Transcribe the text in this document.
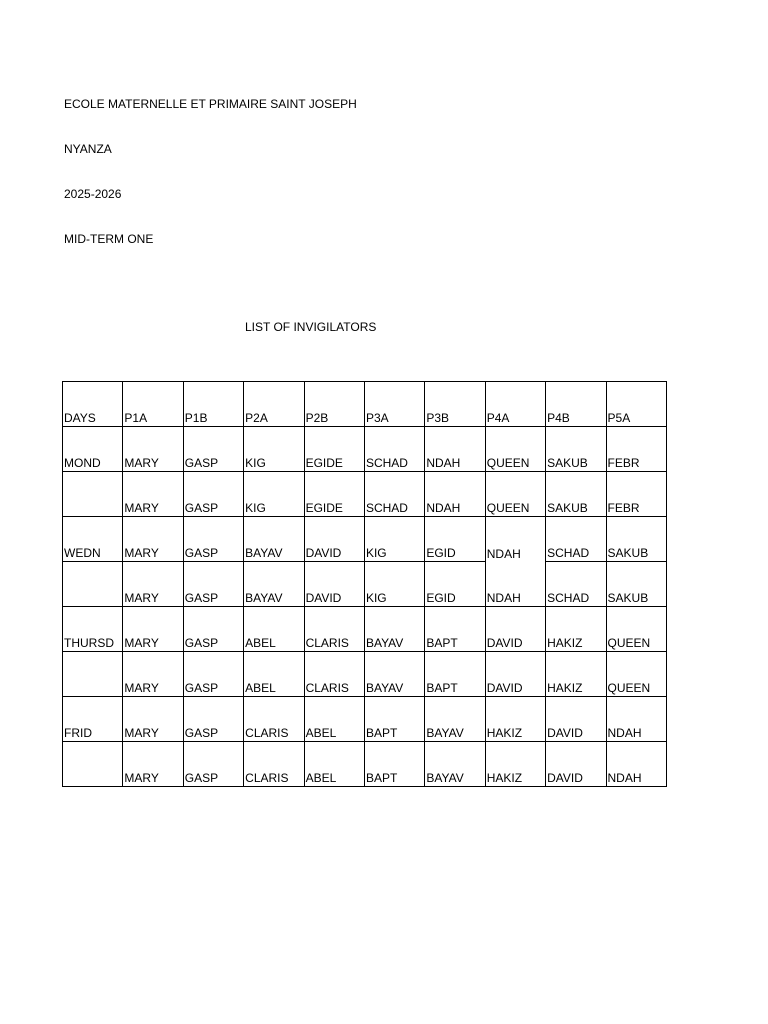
ECOLE MATERNELLE ET PRIMAIRE SAINT JOSEPH
NYANZA
2025-2026
MID-TERM ONE
LIST OF INVIGILATORS
DAYS	P1A	P1B	P2A	P2B	P3A	P3B	P4A	P4B	P5A
MOND	MARY	GASP	KIG	EGIDE	SCHAD	NDAH	QUEEN	SAKUB	FEBR
	MARY	GASP	KIG	EGIDE	SCHAD	NDAH	QUEEN	SAKUB	FEBR
WEDN	MARY	GASP	BAYAV	DAVID	KIG	EGID	NDAH	SCHAD	SAKUB
	MARY	GASP	BAYAV	DAVID	KIG	EGID	NDAH	SCHAD	SAKUB
THURSD	MARY	GASP	ABEL	CLARIS	BAYAV	BAPT	DAVID	HAKIZ	QUEEN
	MARY	GASP	ABEL	CLARIS	BAYAV	BAPT	DAVID	HAKIZ	QUEEN
FRID	MARY	GASP	CLARIS	ABEL	BAPT	BAYAV	HAKIZ	DAVID	NDAH
	MARY	GASP	CLARIS	ABEL	BAPT	BAYAV	HAKIZ	DAVID	NDAH
